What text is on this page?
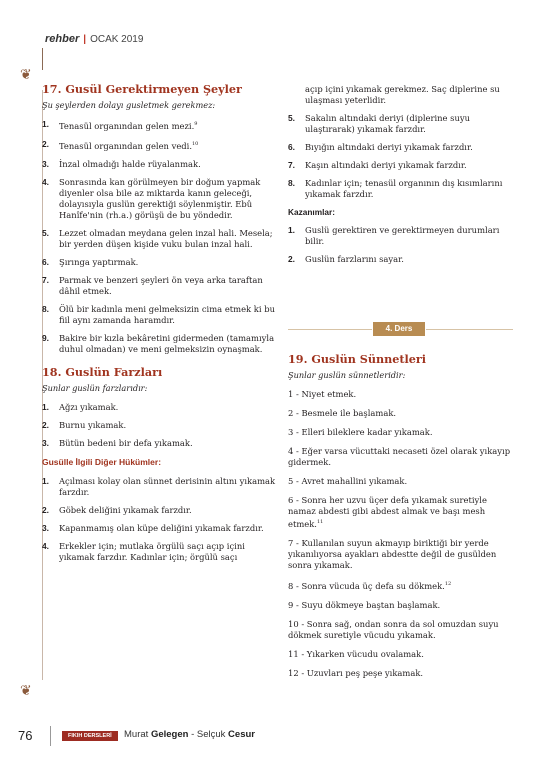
rehber | OCAK 2019
❦
❦
17. Gusül Gerektirmeyen Şeyler
Şu şeylerden dolayı gusletmek gerekmez:
1.	Tenasül organından gelen mezi.$^9$
2.	Tenasül organından gelen vedi.$^{10}$
3.	İnzal olmadığı halde rüyalanmak.
4.	Sonrasında kan görülmeyen bir doğum yapmak diyenler olsa bile az miktarda kanın geleceği, dolayısıyla guslün gerektiği söylenmiştir. Ebû Hanîfe'nin (rh.a.) görüşü de bu yöndedir.
5.	Lezzet olmadan meydana gelen inzal hali. Mesela; bir yerden düşen kişide vuku bulan inzal hali.
6.	Şırınga yaptırmak.
7.	Parmak ve benzeri şeyleri ön veya arka taraftan dâhil etmek.
8.	Ölü bir kadınla meni gelmeksizin cima etmek ki bu fiil aynı zamanda haramdır.
9.	Bakire bir kızla bekâretini gidermeden (tamamıyla duhul olmadan) ve meni gelmeksizin oynaşmak.
18. Guslün Farzları
Şunlar guslün farzlarıdır:
1.	Ağzı yıkamak.
2.	Burnu yıkamak.
3.	Bütün bedeni bir defa yıkamak.
Gusülle İlgili Diğer Hükümler:
1.	Açılması kolay olan sünnet derisinin altını yıkamak farzdır.
2.	Göbek deliğini yıkamak farzdır.
3.	Kapanmamış olan küpe deliğini yıkamak farzdır.
4.	Erkekler için; mutlaka örgülü saçı açıp içini yıkamak farzdır. Kadınlar için; örgülü saçı
açıp içini yıkamak gerekmez. Saç diplerine su ulaşması yeterlidir.
5.	Sakalın altındaki deriyi (diplerine suyu ulaştırarak) yıkamak farzdır.
6.	Bıyığın altındaki deriyi yıkamak farzdır.
7.	Kaşın altındaki deriyi yıkamak farzdır.
8.	Kadınlar için; tenasül organının dış kısımlarını yıkamak farzdır.
Kazanımlar:
1.	Guslü gerektiren ve gerektirmeyen durumları bilir.
2.	Guslün farzlarını sayar.
4. Ders
19. Guslün Sünnetleri
Şunlar guslün sünnetleridir:
1 - Niyet etmek.
2 - Besmele ile başlamak.
3 - Elleri bileklere kadar yıkamak.
4 - Eğer varsa vücuttaki necaseti özel olarak yıkayıp gidermek.
5 - Avret mahallini yıkamak.
6 - Sonra her uzvu üçer defa yıkamak suretiyle namaz abdesti gibi abdest almak ve başı mesh etmek.$^{11}$
7 - Kullanılan suyun akmayıp biriktiği bir yerde yıkanılıyorsa ayakları abdestte değil de gusülden sonra yıkamak.
8 - Sonra vücuda üç defa su dökmek.$^{12}$
9 - Suyu dökmeye baştan başlamak.
10 - Sonra sağ, ondan sonra da sol omuzdan suyu dökmek suretiyle vücudu yıkamak.
11 - Yıkarken vücudu ovalamak.
12 - Uzuvları peş peşe yıkamak.
76	FIKIH DERSLERİ	Murat Gelegen - Selçuk Cesur
